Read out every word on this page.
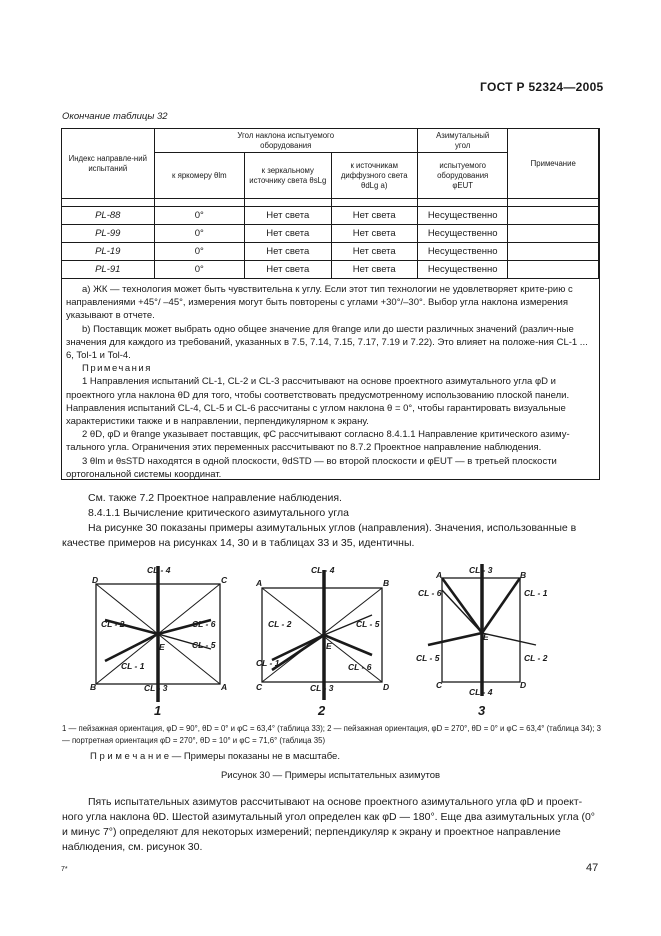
ГОСТ Р 52324—2005
Окончание таблицы 32
Индекс направле-ний испытаний	Угол наклона испытуемого оборудования			Азимутальный угол	Примечание
	к яркомеру θlm	к зеркальному источнику света θsLg	к источникам диффузного света θdLg a)	испытуемого оборудования φEUT	

PL-88	0°	Нет света	Нет света	Несущественно	
PL-99	0°	Нет света	Нет света	Несущественно	
PL-19	0°	Нет света	Нет света	Несущественно	
PL-91	0°	Нет света	Нет света	Несущественно	

a) ЖК — технология может быть чувствительна к углу. Если этот тип технологии не удовлетворяет крите-рию с направлениями +45°/ –45°, измерения могут быть повторены с углами +30°/–30°. Выбор угла наклона измерения указывают в отчете.

b) Поставщик может выбрать одно общее значение для θrange или до шести различных значений (различ-ные значения для каждого из требований, указанных в 7.5, 7.14, 7.15, 7.17, 7.19 и 7.22). Это влияет на положе-ния CL-1 ... 6, Tol-1 и Tol-4.

Примечания

1 Направления испытаний CL-1, CL-2 и CL-3 рассчитывают на основе проектного азимутального угла φD и проектного угла наклона θD для того, чтобы соответствовать предусмотренному использованию плоской панели. Направления испытаний CL-4, CL-5 и CL-6 рассчитаны с углом наклона θ = 0°, чтобы гарантировать визуальные характеристики также и в направлении, перпендикулярном к экрану.

2 θD, φD и θrange указывает поставщик, φC рассчитывают согласно 8.4.1.1 Направление критического азиму-тального угла. Ограничения этих переменных рассчитывают по 8.7.2 Проектное направление наблюдения.

3 θlm и θsSTD находятся в одной плоскости, θdSTD — во второй плоскости и φEUT — в третьей плоскости ортогональной системы координат.

См. также 7.2 Проектное направление наблюдения.

8.4.1.1 Вычисление критического азимутального угла

На рисунке 30 показаны примеры азимутальных углов (направления). Значения, использованные в качестве примеров на рисунках 14, 30 и в таблицах 33 и 35, идентичны.

D	C
B	A
CL - 4
CL - 2	CL - 6
CL - 5
E
CL - 1
CL - 3
1
A	B
C	D
CL - 4
CL - 2	CL - 5
E
CL - 1	CL - 6
CL - 3
2
A	B
C	D
CL - 3
CL - 6	CL - 1
E
CL - 5	CL - 2
CL - 4
3
1 — пейзажная ориентация, φD = 90°, θD = 0° и φC = 63,4° (таблица 33); 2 — пейзажная ориентация, φD = 270°, θD = 0° и φC = 63,4° (таблица 34); 3 — портретная ориентация φD = 270°, θD = 10° и φC = 71,6° (таблица 35)
П р и м е ч а н и е — Примеры показаны не в масштабе.
Рисунок 30 — Примеры испытательных азимутов

Пять испытательных азимутов рассчитывают на основе проектного азимутального угла φD и проект-ного угла наклона θD. Шестой азимутальный угол определен как φD — 180°. Еще два азимутальных угла (0° и минус 7°) определяют для некоторых измерений; перпендикуляр к экрану и проектное направление наблюдения, см. рисунок 30.

7*	47
